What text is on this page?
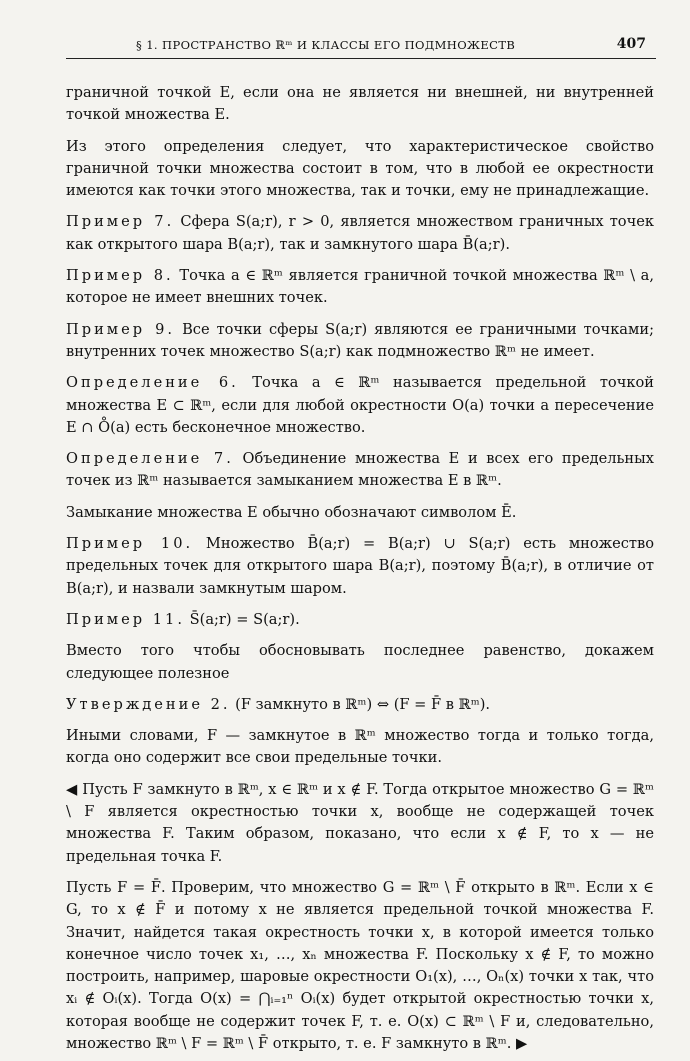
§ 1. ПРОСТРАНСТВО ℝᵐ И КЛАССЫ ЕГО ПОДМНОЖЕСТВ	407

граничной точкой E, если она не является ни внешней, ни внутренней точкой множества E.

Из этого определения следует, что характеристическое свойство граничной точки множества состоит в том, что в любой ее окрестности имеются как точки этого множества, так и точки, ему не принадлежащие.

Пример 7. Сфера S(a;r), r > 0, является множеством граничных точек как открытого шара B(a;r), так и замкнутого шара B̄(a;r).

Пример 8. Точка a ∈ ℝᵐ является граничной точкой множества ℝᵐ \ a, которое не имеет внешних точек.

Пример 9. Все точки сферы S(a;r) являются ее граничными точками; внутренних точек множество S(a;r) как подмножество ℝᵐ не имеет.

Определение 6. Точка a ∈ ℝᵐ называется предельной точкой множества E ⊂ ℝᵐ, если для любой окрестности O(a) точки a пересечение E ∩ O̊(a) есть бесконечное множество.

Определение 7. Объединение множества E и всех его предельных точек из ℝᵐ называется замыканием множества E в ℝᵐ.

Замыкание множества E обычно обозначают символом Ē.

Пример 10. Множество B̄(a;r) = B(a;r) ∪ S(a;r) есть множество предельных точек для открытого шара B(a;r), поэтому B̄(a;r), в отличие от B(a;r), и назвали замкнутым шаром.

Пример 11. S̄(a;r) = S(a;r).

Вместо того чтобы обосновывать последнее равенство, докажем следующее полезное

Утверждение 2. (F замкнуто в ℝᵐ) ⇔ (F = F̄ в ℝᵐ).

Иными словами, F — замкнутое в ℝᵐ множество тогда и только тогда, когда оно содержит все свои предельные точки.

◀ Пусть F замкнуто в ℝᵐ, x ∈ ℝᵐ и x ∉ F. Тогда открытое множество G = ℝᵐ \ F является окрестностью точки x, вообще не содержащей точек множества F. Таким образом, показано, что если x ∉ F, то x — не предельная точка F.

Пусть F = F̄. Проверим, что множество G = ℝᵐ \ F̄ открыто в ℝᵐ. Если x ∈ G, то x ∉ F̄ и потому x не является предельной точкой множества F. Значит, найдется такая окрестность точки x, в которой имеется только конечное число точек x₁, …, xₙ множества F. Поскольку x ∉ F, то можно построить, например, шаровые окрестности O₁(x), …, Oₙ(x) точки x так, что xᵢ ∉ Oᵢ(x). Тогда O(x) = ⋂ᵢ₌₁ⁿ Oᵢ(x) будет открытой окрестностью точки x, которая вообще не содержит точек F, т. е. O(x) ⊂ ℝᵐ \ F и, следовательно, множество ℝᵐ \ F = ℝᵐ \ F̄ открыто, т. е. F замкнуто в ℝᵐ. ▶
